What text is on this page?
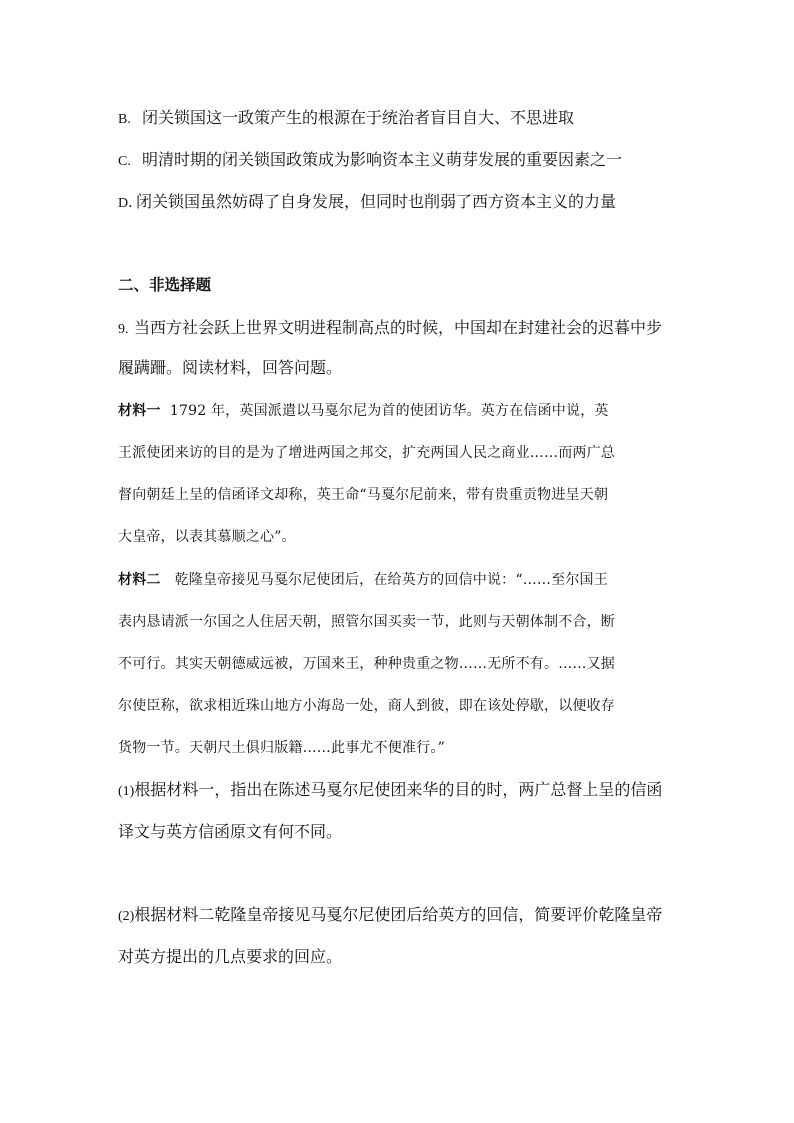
B. 闭关锁国这一政策产生的根源在于统治者盲目自大、不思进取
C. 明清时期的闭关锁国政策成为影响资本主义萌芽发展的重要因素之一
D．闭关锁国虽然妨碍了自身发展，但同时也削弱了西方资本主义的力量
二、非选择题
9. 当西方社会跃上世界文明进程制高点的时候，中国却在封建社会的迟暮中步
履蹒跚。阅读材料，回答问题。
材料一 1792 年，英国派遣以马戛尔尼为首的使团访华。英方在信函中说，英
王派使团来访的目的是为了增进两国之邦交，扩充两国人民之商业……而两广总
督向朝廷上呈的信函译文却称，英王命“马戛尔尼前来，带有贵重贡物进呈天朝
大皇帝，以表其慕顺之心”。
材料二 乾隆皇帝接见马戛尔尼使团后，在给英方的回信中说：“……至尔国王
表内恳请派一尔国之人住居天朝，照管尔国买卖一节，此则与天朝体制不合，断
不可行。其实天朝德威远被，万国来王，种种贵重之物……无所不有。……又据
尔使臣称，欲求相近珠山地方小海岛一处，商人到彼，即在该处停歇，以便收存
货物一节。天朝尺土俱归版籍……此事尤不便准行。”
(1)根据材料一，指出在陈述马戛尔尼使团来华的目的时，两广总督上呈的信函
译文与英方信函原文有何不同。
(2)根据材料二乾隆皇帝接见马戛尔尼使团后给英方的回信，简要评价乾隆皇帝
对英方提出的几点要求的回应。
